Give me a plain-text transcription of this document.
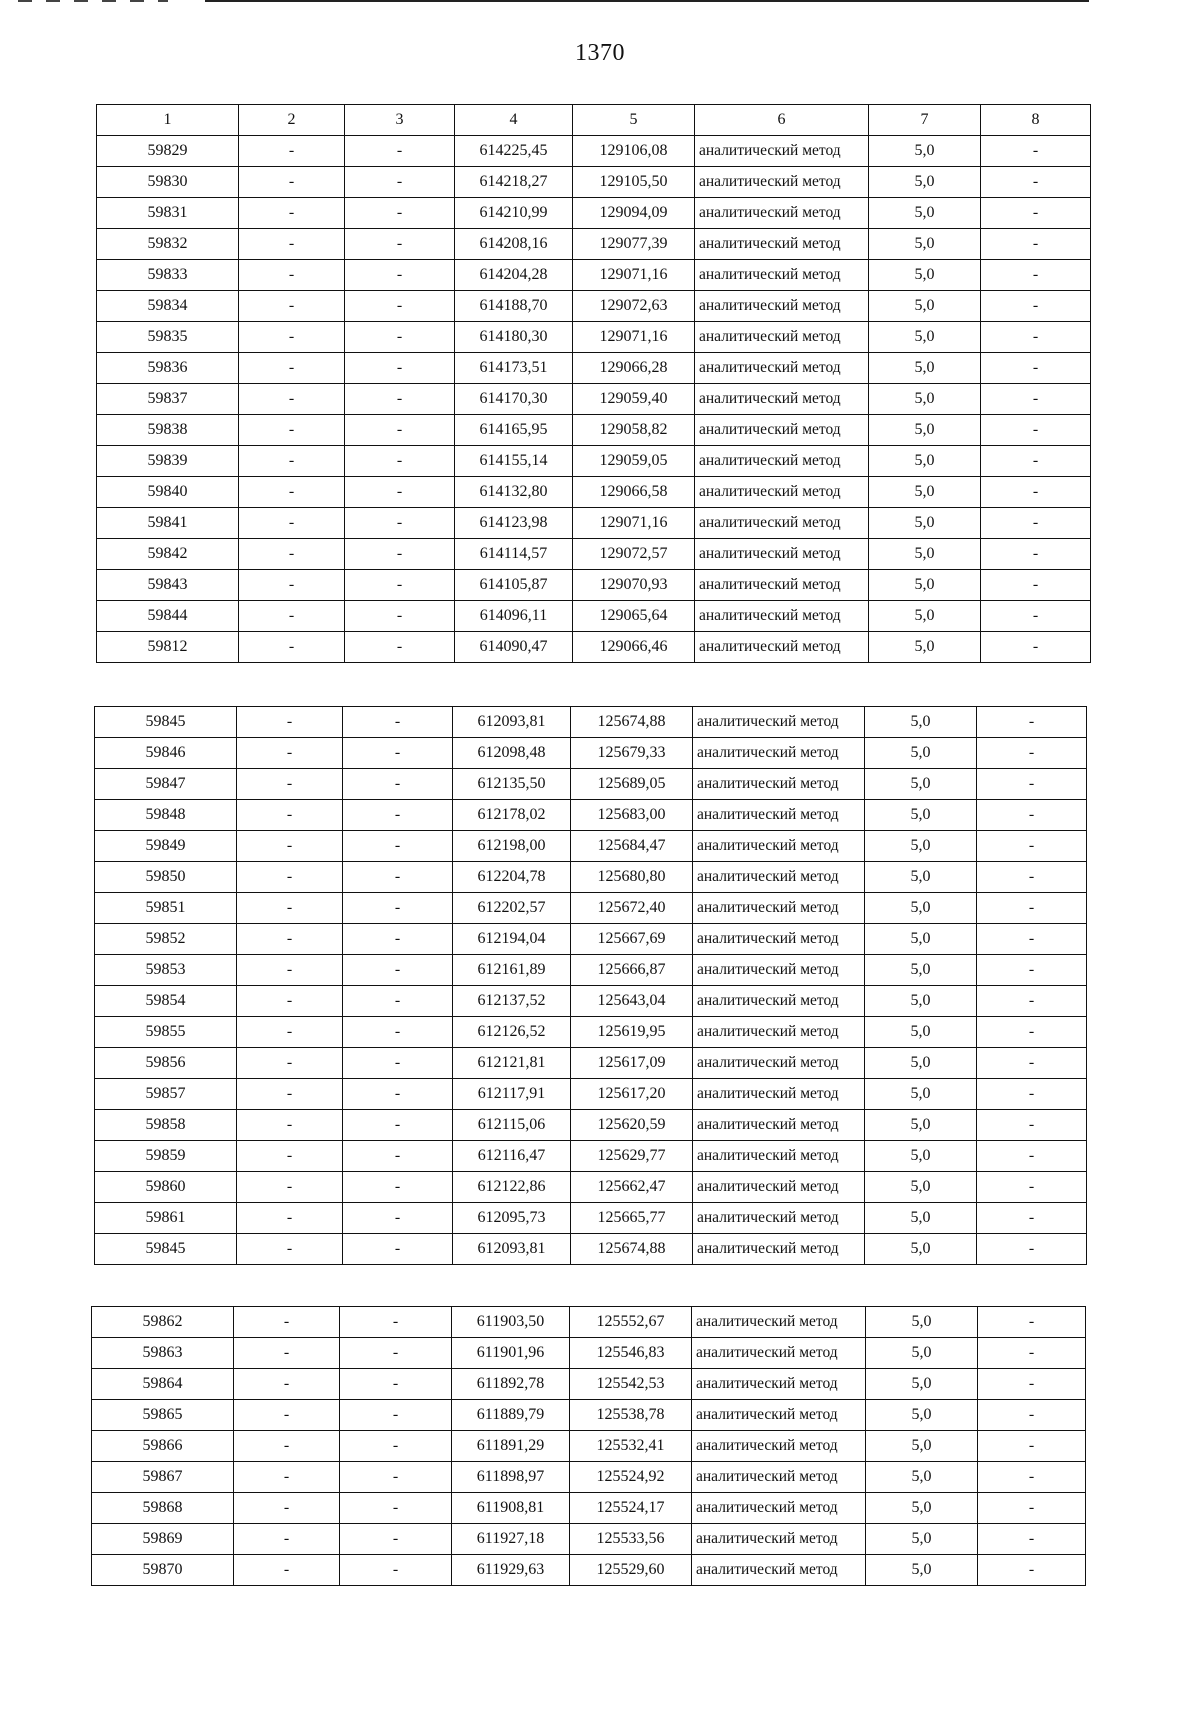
1370
1	2	3	4	5	6	7	8
59829	-	-	614225,45	129106,08	аналитический метод	5,0	-
59830	-	-	614218,27	129105,50	аналитический метод	5,0	-
59831	-	-	614210,99	129094,09	аналитический метод	5,0	-
59832	-	-	614208,16	129077,39	аналитический метод	5,0	-
59833	-	-	614204,28	129071,16	аналитический метод	5,0	-
59834	-	-	614188,70	129072,63	аналитический метод	5,0	-
59835	-	-	614180,30	129071,16	аналитический метод	5,0	-
59836	-	-	614173,51	129066,28	аналитический метод	5,0	-
59837	-	-	614170,30	129059,40	аналитический метод	5,0	-
59838	-	-	614165,95	129058,82	аналитический метод	5,0	-
59839	-	-	614155,14	129059,05	аналитический метод	5,0	-
59840	-	-	614132,80	129066,58	аналитический метод	5,0	-
59841	-	-	614123,98	129071,16	аналитический метод	5,0	-
59842	-	-	614114,57	129072,57	аналитический метод	5,0	-
59843	-	-	614105,87	129070,93	аналитический метод	5,0	-
59844	-	-	614096,11	129065,64	аналитический метод	5,0	-
59812	-	-	614090,47	129066,46	аналитический метод	5,0	-
59845	-	-	612093,81	125674,88	аналитический метод	5,0	-
59846	-	-	612098,48	125679,33	аналитический метод	5,0	-
59847	-	-	612135,50	125689,05	аналитический метод	5,0	-
59848	-	-	612178,02	125683,00	аналитический метод	5,0	-
59849	-	-	612198,00	125684,47	аналитический метод	5,0	-
59850	-	-	612204,78	125680,80	аналитический метод	5,0	-
59851	-	-	612202,57	125672,40	аналитический метод	5,0	-
59852	-	-	612194,04	125667,69	аналитический метод	5,0	-
59853	-	-	612161,89	125666,87	аналитический метод	5,0	-
59854	-	-	612137,52	125643,04	аналитический метод	5,0	-
59855	-	-	612126,52	125619,95	аналитический метод	5,0	-
59856	-	-	612121,81	125617,09	аналитический метод	5,0	-
59857	-	-	612117,91	125617,20	аналитический метод	5,0	-
59858	-	-	612115,06	125620,59	аналитический метод	5,0	-
59859	-	-	612116,47	125629,77	аналитический метод	5,0	-
59860	-	-	612122,86	125662,47	аналитический метод	5,0	-
59861	-	-	612095,73	125665,77	аналитический метод	5,0	-
59845	-	-	612093,81	125674,88	аналитический метод	5,0	-
59862	-	-	611903,50	125552,67	аналитический метод	5,0	-
59863	-	-	611901,96	125546,83	аналитический метод	5,0	-
59864	-	-	611892,78	125542,53	аналитический метод	5,0	-
59865	-	-	611889,79	125538,78	аналитический метод	5,0	-
59866	-	-	611891,29	125532,41	аналитический метод	5,0	-
59867	-	-	611898,97	125524,92	аналитический метод	5,0	-
59868	-	-	611908,81	125524,17	аналитический метод	5,0	-
59869	-	-	611927,18	125533,56	аналитический метод	5,0	-
59870	-	-	611929,63	125529,60	аналитический метод	5,0	-
